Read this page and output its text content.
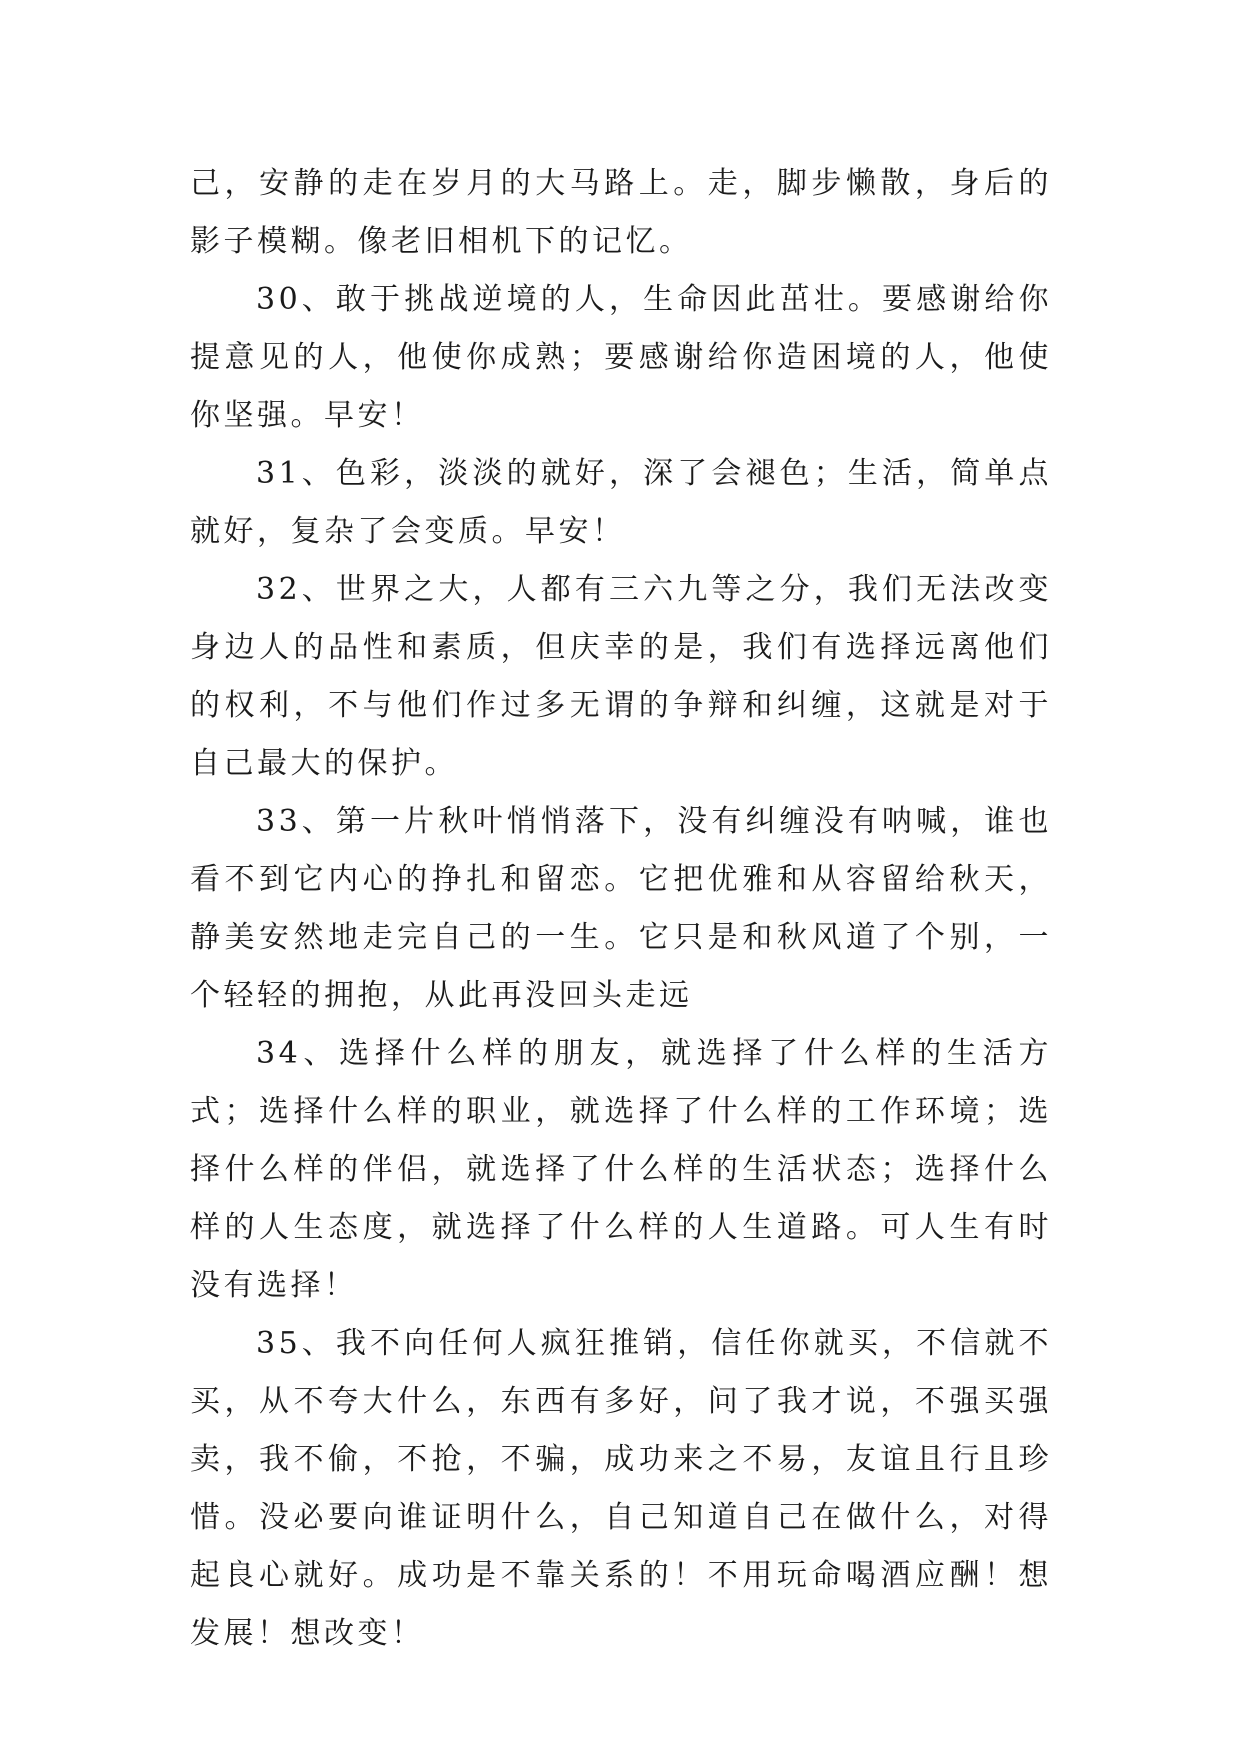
己，安静的走在岁月的大马路上。走，脚步懒散，身后的影子模糊。像老旧相机下的记忆。

30、敢于挑战逆境的人，生命因此茁壮。要感谢给你提意见的人，他使你成熟；要感谢给你造困境的人，他使你坚强。早安！

31、色彩，淡淡的就好，深了会褪色；生活，简单点就好，复杂了会变质。早安！

32、世界之大，人都有三六九等之分，我们无法改变身边人的品性和素质，但庆幸的是，我们有选择远离他们的权利，不与他们作过多无谓的争辩和纠缠，这就是对于自己最大的保护。

33、第一片秋叶悄悄落下，没有纠缠没有呐喊，谁也看不到它内心的挣扎和留恋。它把优雅和从容留给秋天，静美安然地走完自己的一生。它只是和秋风道了个别，一个轻轻的拥抱，从此再没回头走远

34、选择什么样的朋友，就选择了什么样的生活方式；选择什么样的职业，就选择了什么样的工作环境；选择什么样的伴侣，就选择了什么样的生活状态；选择什么样的人生态度，就选择了什么样的人生道路。可人生有时没有选择！

35、我不向任何人疯狂推销，信任你就买，不信就不买，从不夸大什么，东西有多好，问了我才说，不强买强卖，我不偷，不抢，不骗，成功来之不易，友谊且行且珍惜。没必要向谁证明什么，自己知道自己在做什么，对得起良心就好。成功是不靠关系的！不用玩命喝酒应酬！想发展！想改变！
